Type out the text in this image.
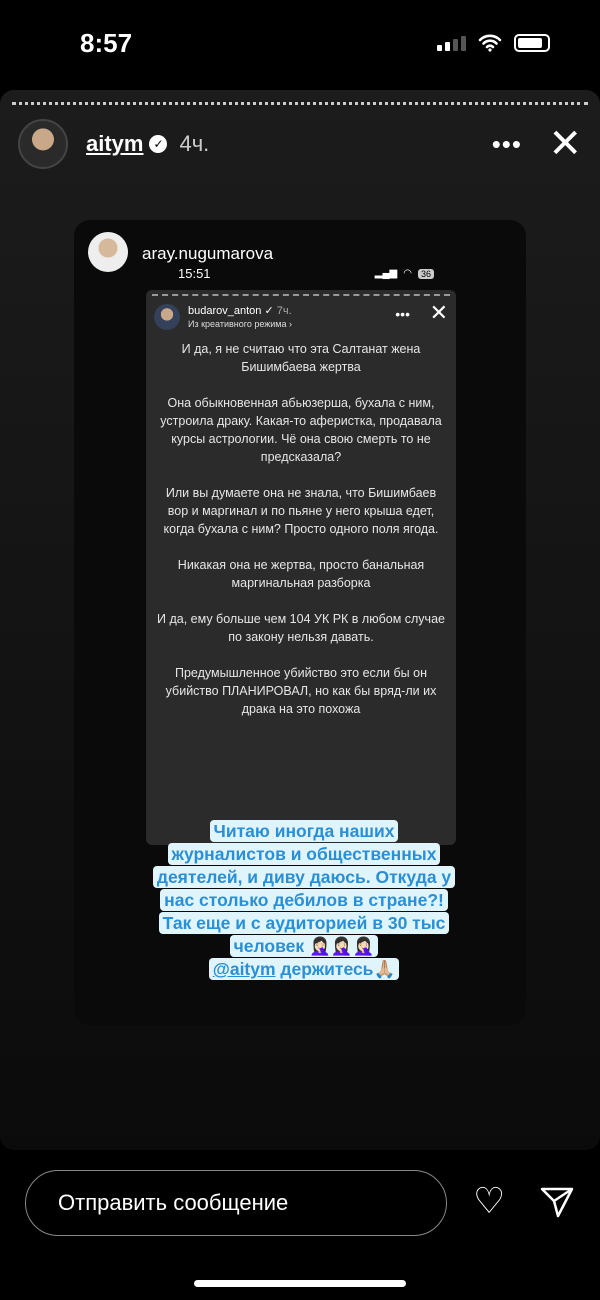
8:57
aitym ✓ 4ч.	••• ✕
aray.nugumarova
15:51	▂▄▆ ◠	36
budarov_anton ✓ 7ч.
Из креативного режима ›
••• ✕

И да, я не считаю что эта Салтанат жена Бишимбаева жертва

Она обыкновенная абьюзерша, бухала с ним, устроила драку. Какая-то аферистка, продавала курсы астрологии. Чё она свою смерть то не предсказала?

Или вы думаете она не знала, что Бишимбаев вор и маргинал и по пьяне у него крыша едет, когда бухала с ним? Просто одного поля ягода.

Никакая она не жертва, просто банальная маргинальная разборка

И да, ему больше чем 104 УК РК в любом случае по закону нельзя давать.

Предумышленное убийство это если бы он убийство ПЛАНИРОВАЛ, но как бы вряд-ли их драка на это похожа

Читаю иногда наших
журналистов и общественных
деятелей, и диву даюсь. Откуда у
нас столько дебилов в стране?!
Так еще и с аудиторией в 30 тыс
человек 🤦🏻‍♀️🤦🏻‍♀️🤦🏻‍♀️
@aitym держитесь🙏🏼
Отправить сообщение	♡
